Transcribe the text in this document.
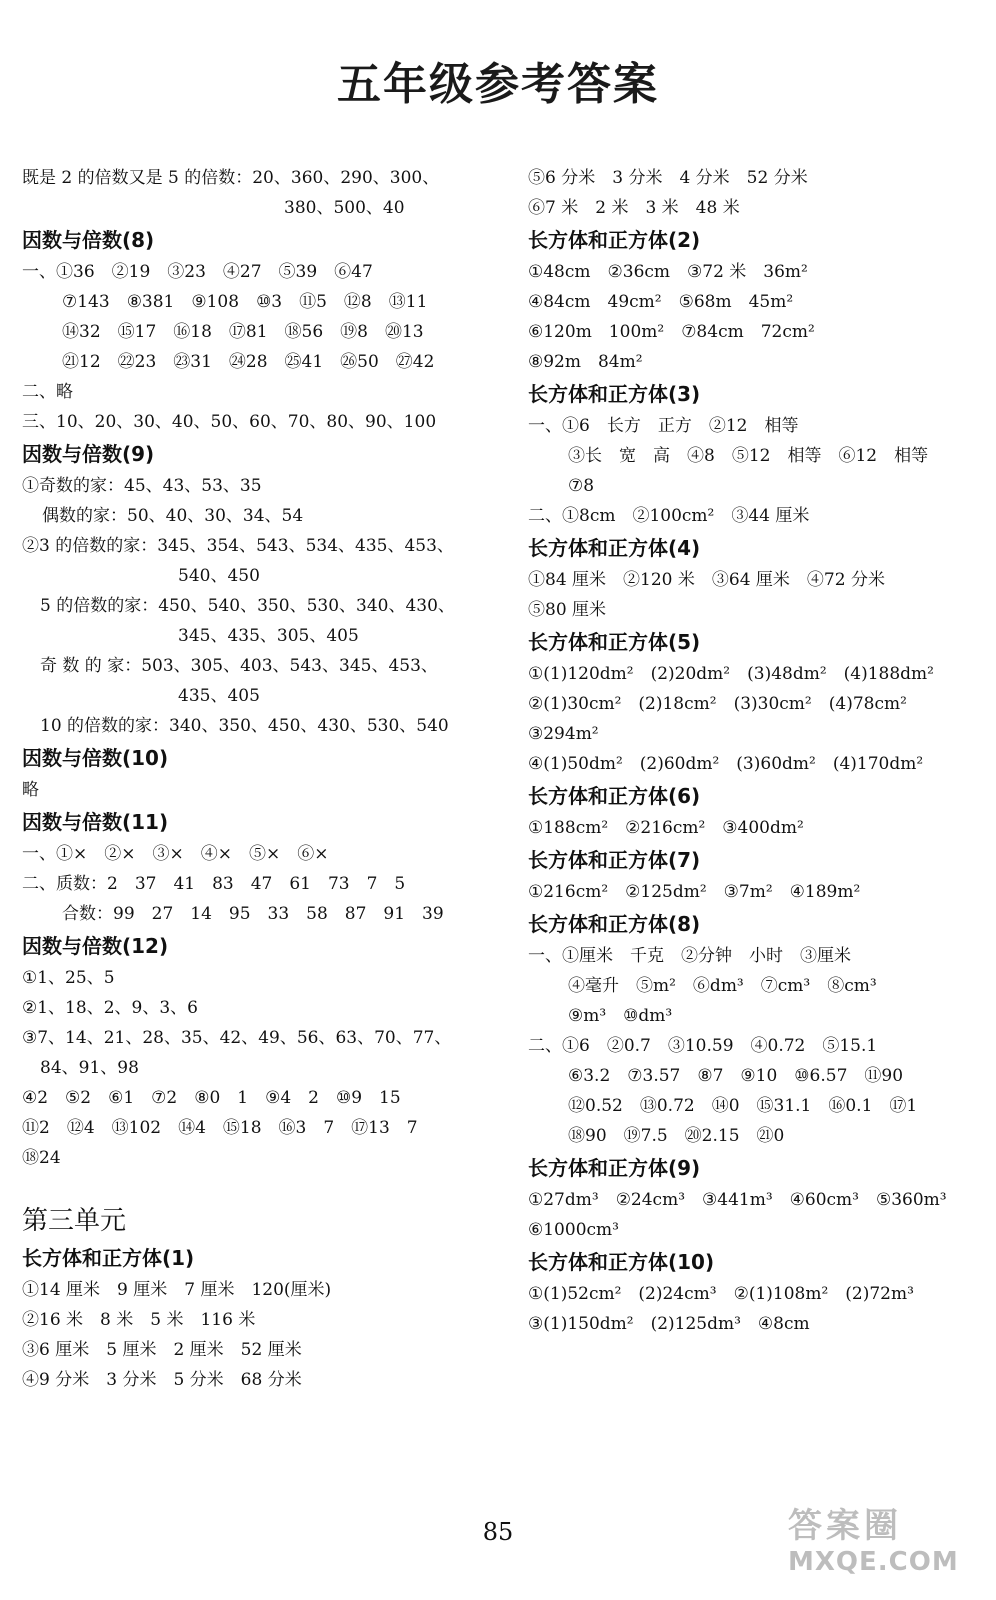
五年级参考答案
既是 2 的倍数又是 5 的倍数：20、360、290、300、
380、500、40
因数与倍数(8)
一、①36　②19　③23　④27　⑤39　⑥47
⑦143　⑧381　⑨108　⑩3　⑪5　⑫8　⑬11
⑭32　⑮17　⑯18　⑰81　⑱56　⑲8　⑳13
㉑12　㉒23　㉓31　㉔28　㉕41　㉖50　㉗42
二、略
三、10、20、30、40、50、60、70、80、90、100
因数与倍数(9)
①奇数的家：45、43、53、35
偶数的家：50、40、30、34、54
②3 的倍数的家：345、354、543、534、435、453、
540、450
5 的倍数的家：450、540、350、530、340、430、
345、435、305、405
奇 数 的 家：503、305、403、543、345、453、
435、405
10 的倍数的家：340、350、450、430、530、540
因数与倍数(10)
略
因数与倍数(11)
一、①×　②×　③×　④×　⑤×　⑥×
二、质数：2　37　41　83　47　61　73　7　5
合数：99　27　14　95　33　58　87　91　39
因数与倍数(12)
①1、25、5
②1、18、2、9、3、6
③7、14、21、28、35、42、49、56、63、70、77、
84、91、98
④2　⑤2　⑥1　⑦2　⑧0　1　⑨4　2　⑩9　15
⑪2　⑫4　⑬102　⑭4　⑮18　⑯3　7　⑰13　7
⑱24
第三单元
长方体和正方体(1)
①14 厘米　9 厘米　7 厘米　120(厘米)
②16 米　8 米　5 米　116 米
③6 厘米　5 厘米　2 厘米　52 厘米
④9 分米　3 分米　5 分米　68 分米
⑤6 分米　3 分米　4 分米　52 分米
⑥7 米　2 米　3 米　48 米
长方体和正方体(2)
①48cm　②36cm　③72 米　36m²
④84cm　49cm²　⑤68m　45m²
⑥120m　100m²　⑦84cm　72cm²
⑧92m　84m²
长方体和正方体(3)
一、①6　长方　正方　②12　相等
③长　宽　高　④8　⑤12　相等　⑥12　相等
⑦8
二、①8cm　②100cm²　③44 厘米
长方体和正方体(4)
①84 厘米　②120 米　③64 厘米　④72 分米
⑤80 厘米
长方体和正方体(5)
①(1)120dm²　(2)20dm²　(3)48dm²　(4)188dm²
②(1)30cm²　(2)18cm²　(3)30cm²　(4)78cm²
③294m²
④(1)50dm²　(2)60dm²　(3)60dm²　(4)170dm²
长方体和正方体(6)
①188cm²　②216cm²　③400dm²
长方体和正方体(7)
①216cm²　②125dm²　③7m²　④189m²
长方体和正方体(8)
一、①厘米　千克　②分钟　小时　③厘米
④毫升　⑤m²　⑥dm³　⑦cm³　⑧cm³
⑨m³　⑩dm³
二、①6　②0.7　③10.59　④0.72　⑤15.1
⑥3.2　⑦3.57　⑧7　⑨10　⑩6.57　⑪90
⑫0.52　⑬0.72　⑭0　⑮31.1　⑯0.1　⑰1
⑱90　⑲7.5　⑳2.15　㉑0
长方体和正方体(9)
①27dm³　②24cm³　③441m³　④60cm³　⑤360m³
⑥1000cm³
长方体和正方体(10)
①(1)52cm²　(2)24cm³　②(1)108m²　(2)72m³
③(1)150dm²　(2)125dm³　④8cm
85	答案圈
MXQE.COM
